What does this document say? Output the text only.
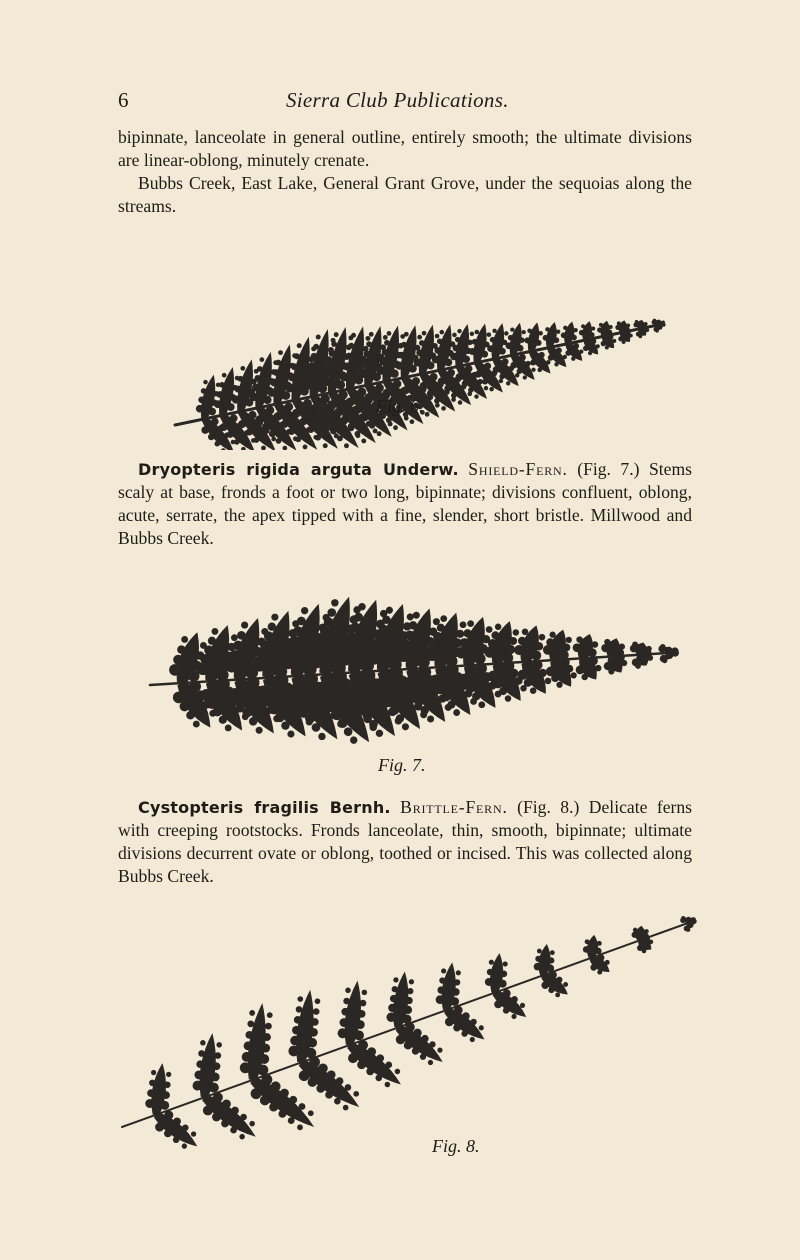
6	Sierra Club Publications.

bipinnate, lanceolate in general outline, entirely smooth; the ultimate divisions are linear-oblong, minutely crenate.

Bubbs Creek, East Lake, General Grant Grove, under the sequoias along the streams.

Fig. 6.

Dryopteris rigida arguta Underw. Shield-Fern. (Fig. 7.) Stems scaly at base, fronds a foot or two long, bipinnate; divisions confluent, oblong, acute, serrate, the apex tipped with a fine, slender, short bristle. Millwood and Bubbs Creek.

Fig. 7.

Cystopteris fragilis Bernh. Brittle-Fern. (Fig. 8.) Delicate ferns with creeping rootstocks. Fronds lanceolate, thin, smooth, bipinnate; ultimate divisions decurrent ovate or oblong, toothed or incised. This was collected along Bubbs Creek.

Fig. 8.
